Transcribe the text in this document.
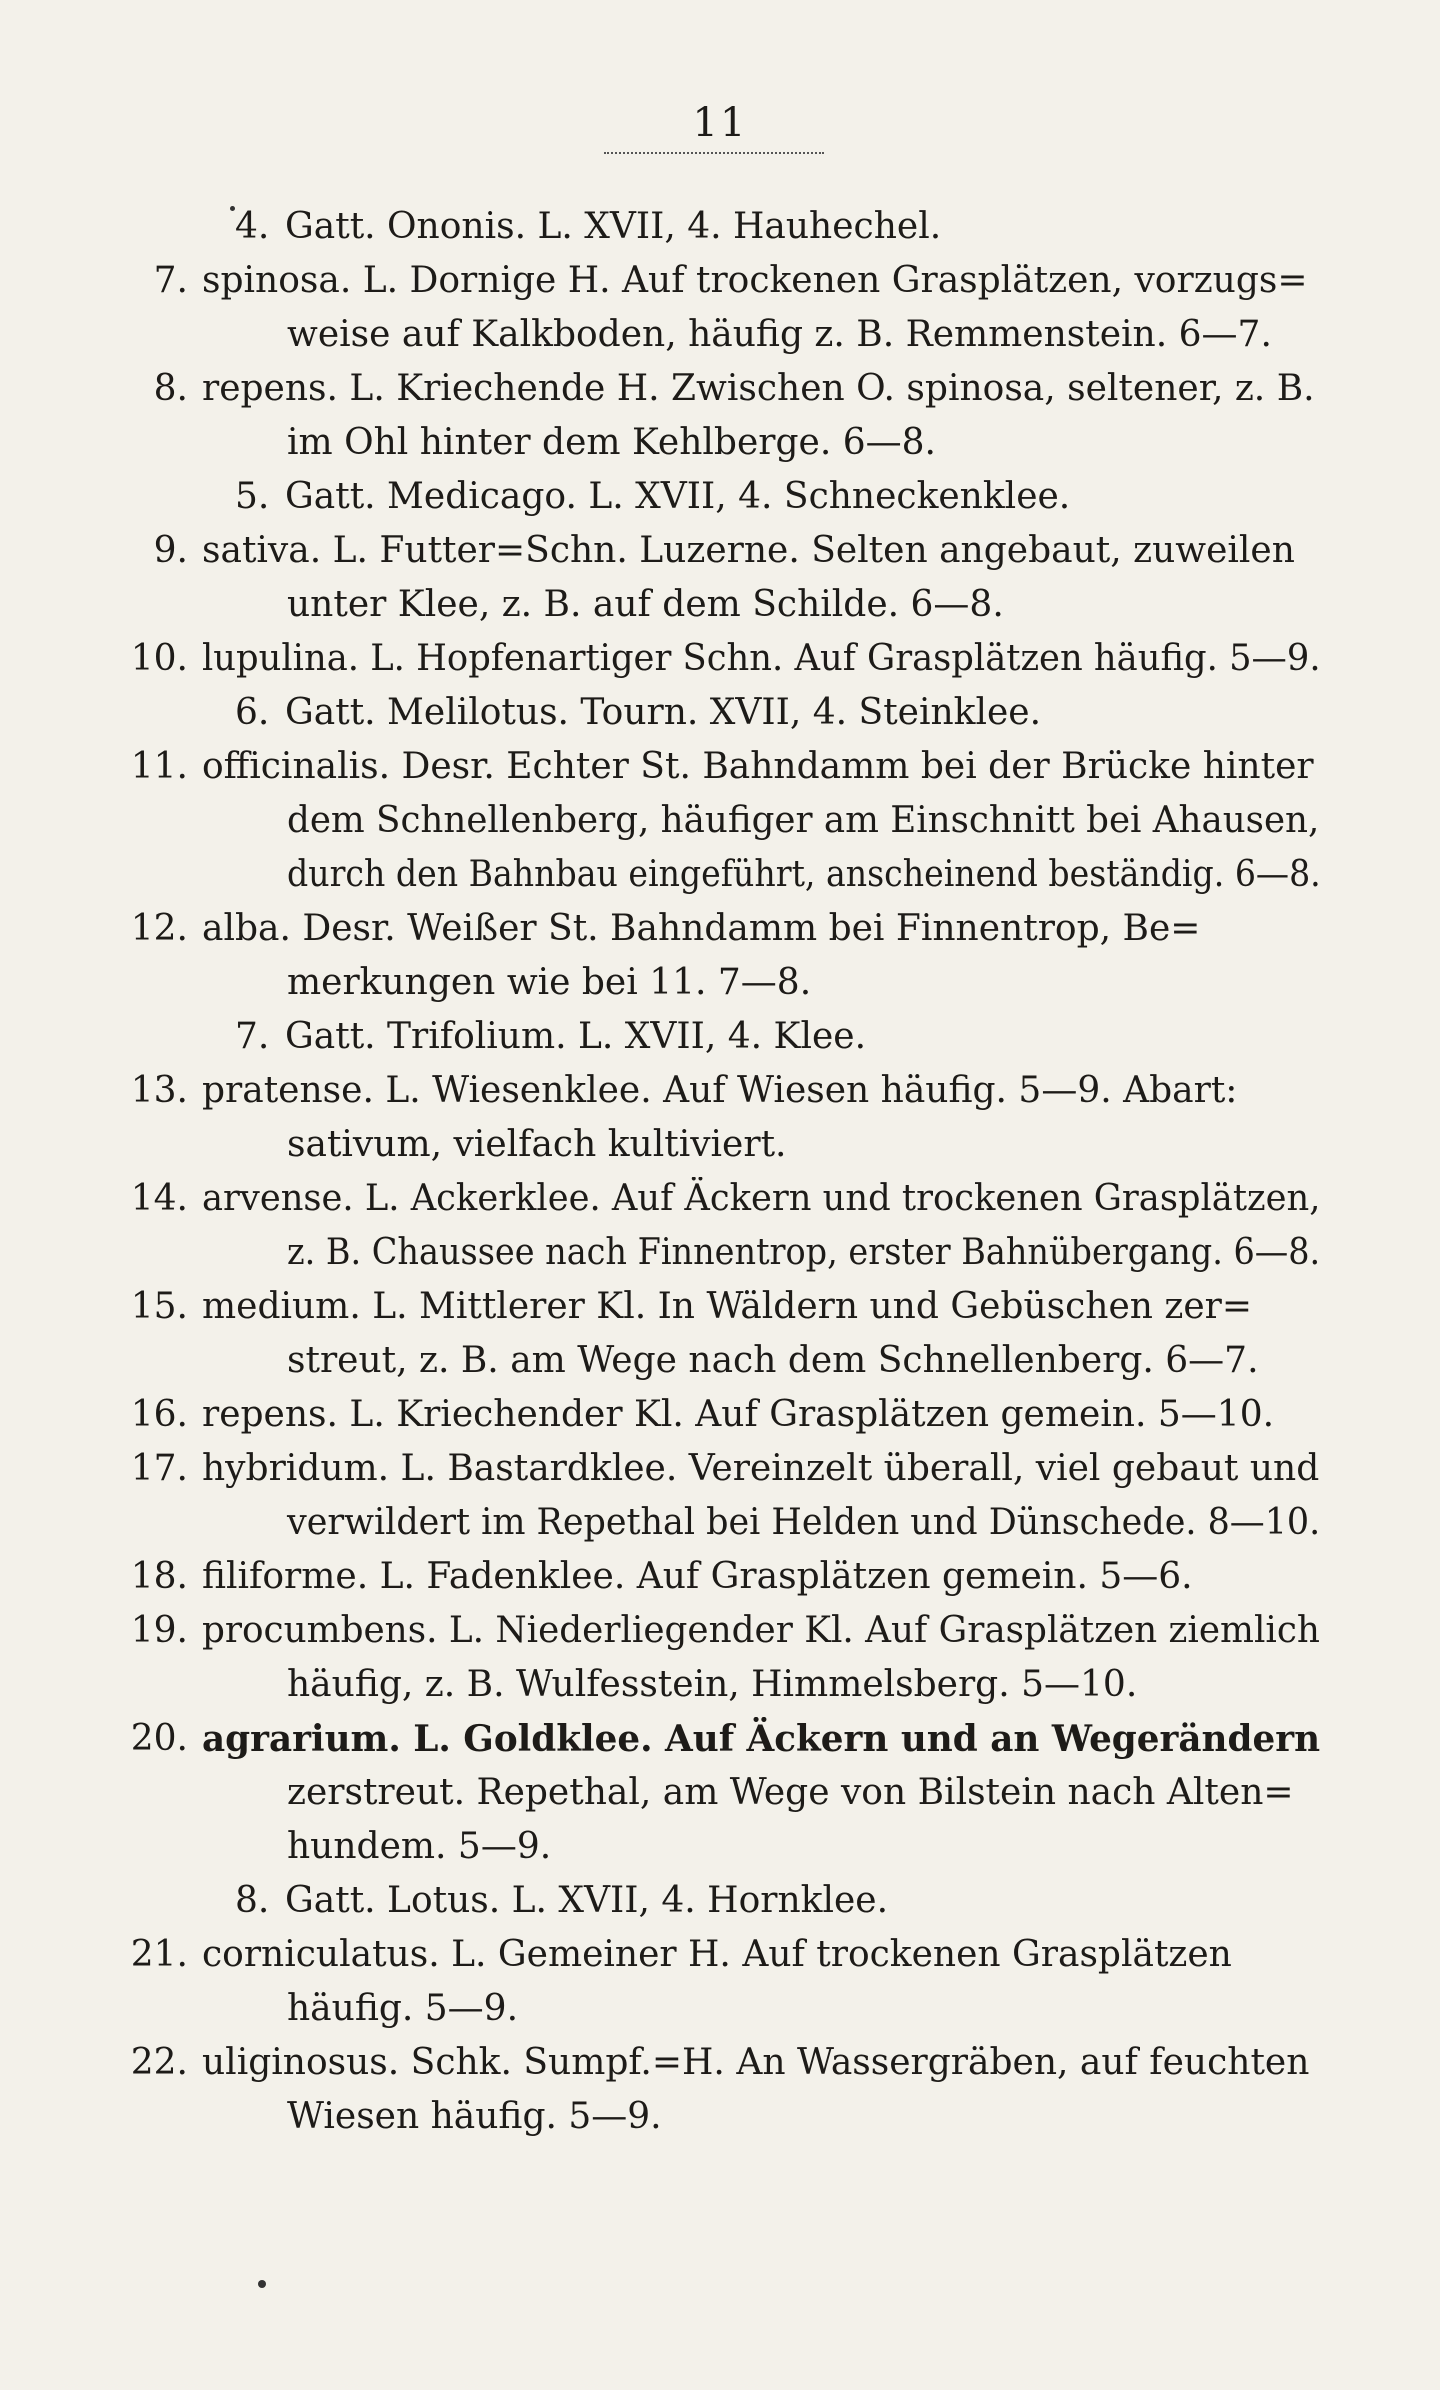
11
4. Gatt. Ononis. L. XVII, 4. Hauhechel.
7. spinosa. L. Dornige H. Auf trockenen Grasplätzen, vorzugs=
weise auf Kalkboden, häufig z. B. Remmenstein. 6—7.
8. repens. L. Kriechende H. Zwischen O. spinosa, seltener, z. B.
im Ohl hinter dem Kehlberge. 6—8.
5. Gatt. Medicago. L. XVII, 4. Schneckenklee.
9. sativa. L. Futter=Schn. Luzerne. Selten angebaut, zuweilen
unter Klee, z. B. auf dem Schilde. 6—8.
10. lupulina. L. Hopfenartiger Schn. Auf Grasplätzen häufig. 5—9.
6. Gatt. Melilotus. Tourn. XVII, 4. Steinklee.
11. officinalis. Desr. Echter St. Bahndamm bei der Brücke hinter
dem Schnellenberg, häufiger am Einschnitt bei Ahausen,
durch den Bahnbau eingeführt, anscheinend beständig. 6—8.
12. alba. Desr. Weißer St. Bahndamm bei Finnentrop, Be=
merkungen wie bei 11. 7—8.
7. Gatt. Trifolium. L. XVII, 4. Klee.
13. pratense. L. Wiesenklee. Auf Wiesen häufig. 5—9. Abart:
sativum, vielfach kultiviert.
14. arvense. L. Ackerklee. Auf Äckern und trockenen Grasplätzen,
z. B. Chaussee nach Finnentrop, erster Bahnübergang. 6—8.
15. medium. L. Mittlerer Kl. In Wäldern und Gebüschen zer=
streut, z. B. am Wege nach dem Schnellenberg. 6—7.
16. repens. L. Kriechender Kl. Auf Grasplätzen gemein. 5—10.
17. hybridum. L. Bastardklee. Vereinzelt überall, viel gebaut und
verwildert im Repethal bei Helden und Dünschede. 8—10.
18. filiforme. L. Fadenklee. Auf Grasplätzen gemein. 5—6.
19. procumbens. L. Niederliegender Kl. Auf Grasplätzen ziemlich
häufig, z. B. Wulfesstein, Himmelsberg. 5—10.
20. agrarium. L. Goldklee. Auf Äckern und an Wegerändern
zerstreut. Repethal, am Wege von Bilstein nach Alten=
hundem. 5—9.
8. Gatt. Lotus. L. XVII, 4. Hornklee.
21. corniculatus. L. Gemeiner H. Auf trockenen Grasplätzen
häufig. 5—9.
22. uliginosus. Schk. Sumpf.=H. An Wassergräben, auf feuchten
Wiesen häufig. 5—9.
